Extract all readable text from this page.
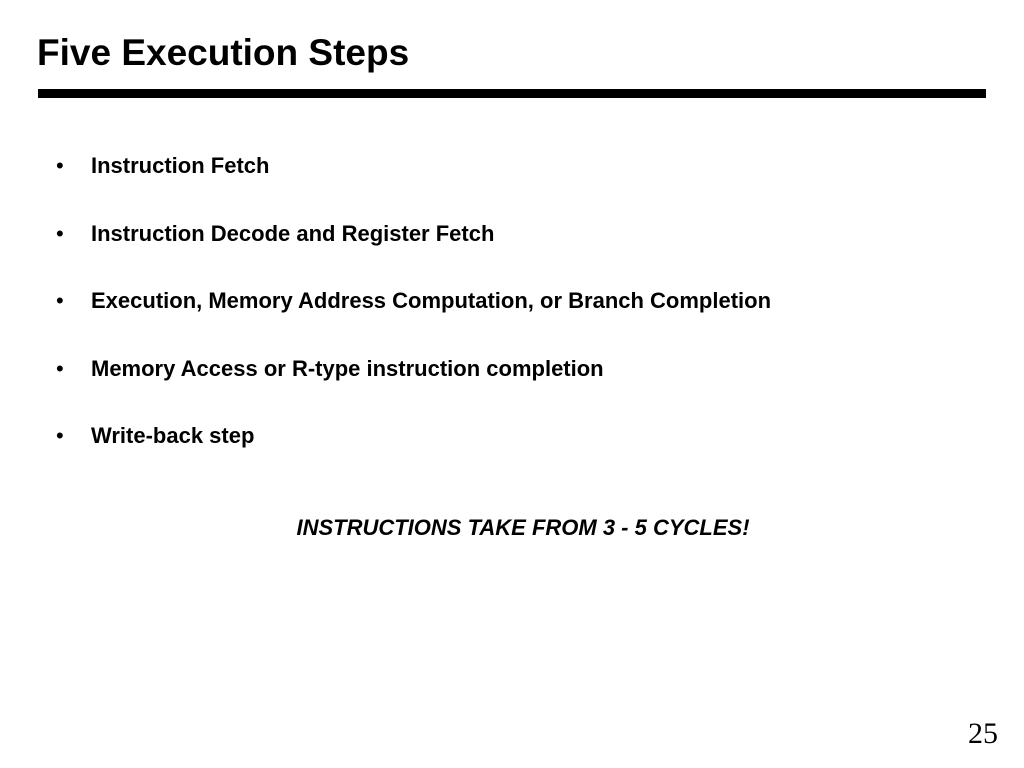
Five Execution Steps
• Instruction Fetch
• Instruction Decode and Register Fetch
• Execution, Memory Address Computation, or Branch Completion
• Memory Access or R-type instruction completion
• Write-back step
INSTRUCTIONS TAKE FROM 3 - 5 CYCLES!
25
